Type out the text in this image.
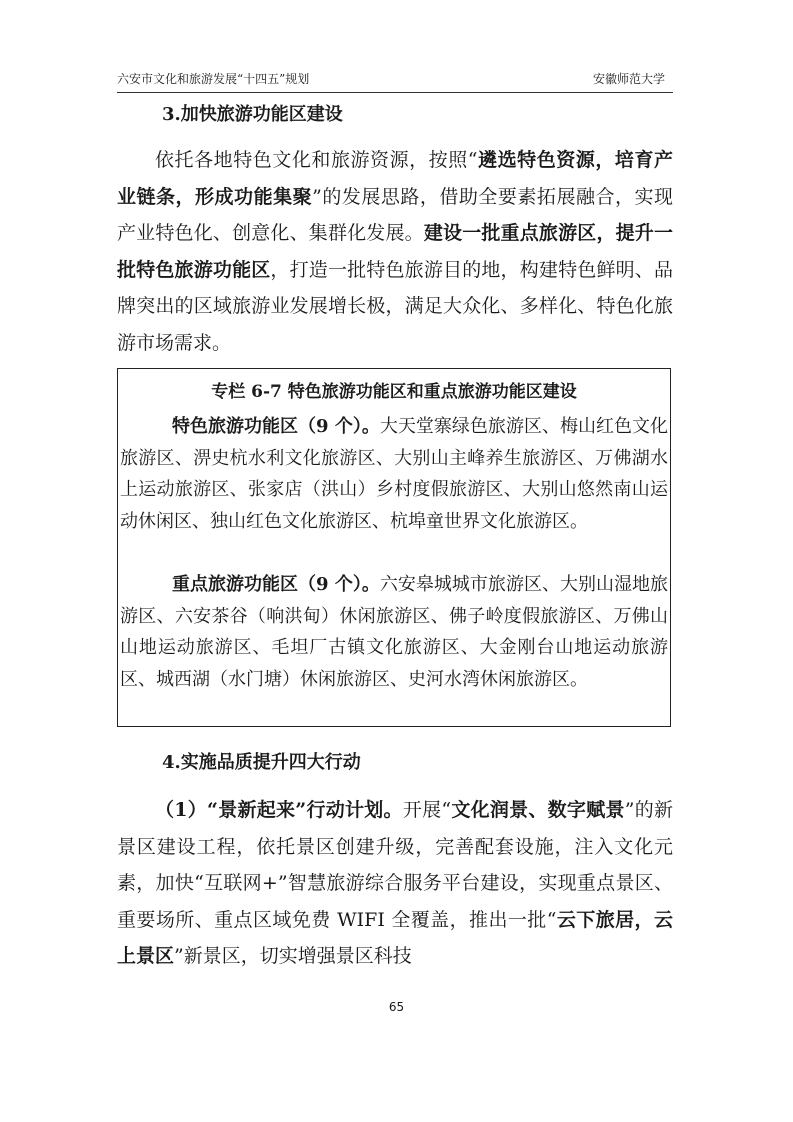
六安市文化和旅游发展“十四五”规划	安徽师范大学
3.加快旅游功能区建设

依托各地特色文化和旅游资源，按照“遴选特色资源，培育产业链条，形成功能集聚”的发展思路，借助全要素拓展融合，实现产业特色化、创意化、集群化发展。建设一批重点旅游区，提升一批特色旅游功能区，打造一批特色旅游目的地，构建特色鲜明、品牌突出的区域旅游业发展增长极，满足大众化、多样化、特色化旅游市场需求。

专栏 6-7 特色旅游功能区和重点旅游功能区建设

特色旅游功能区（9 个）。大天堂寨绿色旅游区、梅山红色文化旅游区、淠史杭水利文化旅游区、大别山主峰养生旅游区、万佛湖水上运动旅游区、张家店（洪山）乡村度假旅游区、大别山悠然南山运动休闲区、独山红色文化旅游区、杭埠童世界文化旅游区。

重点旅游功能区（9 个）。六安皋城城市旅游区、大别山湿地旅游区、六安茶谷（响洪甸）休闲旅游区、佛子岭度假旅游区、万佛山山地运动旅游区、毛坦厂古镇文化旅游区、大金刚台山地运动旅游区、城西湖（水门塘）休闲旅游区、史河水湾休闲旅游区。

4.实施品质提升四大行动

（1）“景新起来”行动计划。开展“文化润景、数字赋景”的新景区建设工程，依托景区创建升级，完善配套设施，注入文化元素，加快“互联网+”智慧旅游综合服务平台建设，实现重点景区、重要场所、重点区域免费 WIFI 全覆盖，推出一批“云下旅居，云上景区”新景区，切实增强景区科技

65
